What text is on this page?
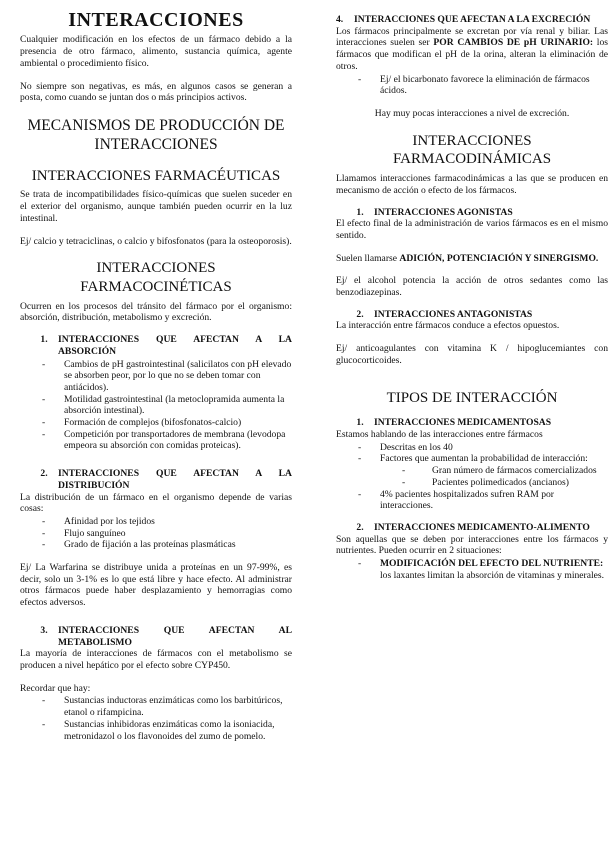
INTERACCIONES

Cualquier modificación en los efectos de un fármaco debido a la presencia de otro fármaco, alimento, sustancia química, agente ambiental o procedimiento físico.

No siempre son negativas, es más, en algunos casos se generan a posta, como cuando se juntan dos o más principios activos.

MECANISMOS DE PRODUCCIÓN DE INTERACCIONES
INTERACCIONES FARMACÉUTICAS

Se trata de incompatibilidades físico-químicas que suelen suceder en el exterior del organismo, aunque también pueden ocurrir en la luz intestinal.

Ej/ calcio y tetraciclinas, o calcio y bifosfonatos (para la osteoporosis).

INTERACCIONES FARMACOCINÉTICAS

Ocurren en los procesos del tránsito del fármaco por el organismo: absorción, distribución, metabolismo y excreción.

1.	INTERACCIONES QUE AFECTAN A LA ABSORCIÓN
- Cambios de pH gastrointestinal (salicilatos con pH elevado se absorben peor, por lo que no se deben tomar con antiácidos).
- Motilidad gastrointestinal (la metoclopramida aumenta la absorción intestinal).
- Formación de complejos (bifosfonatos-calcio)
- Competición por transportadores de membrana (levodopa empeora su absorción con comidas proteicas).
2.	INTERACCIONES QUE AFECTAN A LA DISTRIBUCIÓN

La distribución de un fármaco en el organismo depende de varias cosas:

- Afinidad por los tejidos
- Flujo sanguíneo
- Grado de fijación a las proteínas plasmáticas

Ej/ La Warfarina se distribuye unida a proteínas en un 97-99%, es decir, solo un 3-1% es lo que está libre y hace efecto. Al administrar otros fármacos puede haber desplazamiento y hemorragias como efectos adversos.

3.	INTERACCIONES QUE AFECTAN AL METABOLISMO

La mayoría de interacciones de fármacos con el metabolismo se producen a nivel hepático por el efecto sobre CYP450.

Recordar que hay:

- Sustancias inductoras enzimáticas como los barbitúricos, etanol o rifampicina.
- Sustancias inhibidoras enzimáticas como la isoniacida, metronidazol o los flavonoides del zumo de pomelo.
4.	INTERACCIONES QUE AFECTAN A LA EXCRECIÓN

Los fármacos principalmente se excretan por vía renal y biliar. Las interacciones suelen ser POR CAMBIOS DE pH URINARIO: los fármacos que modifican el pH de la orina, alteran la eliminación de otros.

- Ej/ el bicarbonato favorece la eliminación de fármacos ácidos.

Hay muy pocas interacciones a nivel de excreción.

INTERACCIONES FARMACODINÁMICAS

Llamamos interacciones farmacodinámicas a las que se producen en mecanismo de acción o efecto de los fármacos.

1.	INTERACCIONES AGONISTAS

El efecto final de la administración de varios fármacos es en el mismo sentido.

Suelen llamarse ADICIÓN, POTENCIACIÓN Y SINERGISMO.

Ej/ el alcohol potencia la acción de otros sedantes como las benzodiazepinas.

2.	INTERACCIONES ANTAGONISTAS

La interacción entre fármacos conduce a efectos opuestos.

Ej/ anticoagulantes con vitamina K / hipoglucemiantes con glucocorticoides.

TIPOS DE INTERACCIÓN
1.	INTERACCIONES MEDICAMENTOSAS

Estamos hablando de las interacciones entre fármacos

- Descritas en los 40
- Factores que aumentan la probabilidad de interacción:
- Gran número de fármacos comercializados
- Pacientes polimedicados (ancianos)
- 4% pacientes hospitalizados sufren RAM por interacciones.
2.	INTERACCIONES MEDICAMENTO-ALIMENTO

Son aquellas que se deben por interacciones entre los fármacos y nutrientes. Pueden ocurrir en 2 situaciones:

- MODIFICACIÓN DEL EFECTO DEL NUTRIENTE: los laxantes limitan la absorción de vitaminas y minerales.
